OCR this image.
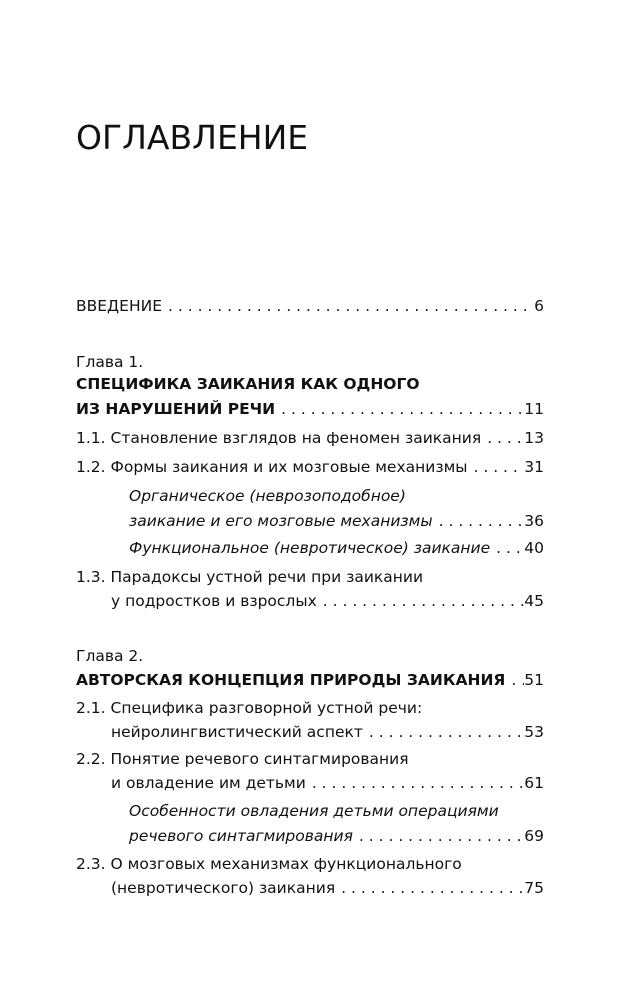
ОГЛАВЛЕНИЕ
ВВЕДЕНИЕ . . .	6
Глава 1.
СПЕЦИФИКА ЗАИКАНИЯ КАК ОДНОГО
ИЗ НАРУШЕНИЙ РЕЧИ . . .	11
1.1. Становление взглядов на феномен заикания . . .	13
1.2. Формы заикания и их мозговые механизмы . . .	31
Органическое (неврозоподобное)
заикание и его мозговые механизмы . . .	36
Функциональное (невротическое) заикание . . . 40
1.3. Парадоксы устной речи при заикании
у подростков и взрослых . . .	45
Глава 2.
АВТОРСКАЯ КОНЦЕПЦИЯ ПРИРОДЫ ЗАИКАНИЯ . . . 51
2.1. Специфика разговорной устной речи:
нейролингвистический аспект . . .	53
2.2. Понятие речевого синтагмирования
и овладение им детьми . . .	61
Особенности овладения детьми операциями
речевого синтагмирования . . .	69
2.3. О мозговых механизмах функционального
(невротического) заикания . . .	75
